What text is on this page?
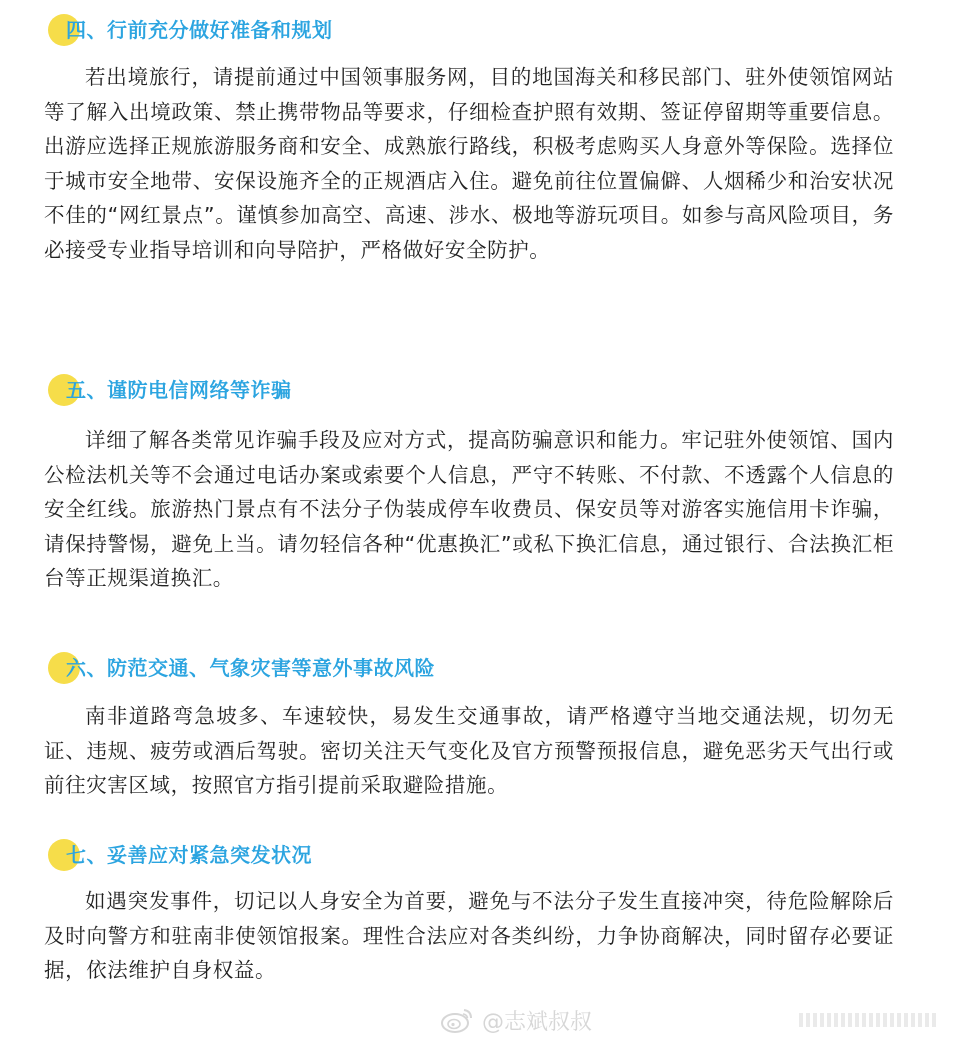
四、行前充分做好准备和规划
若出境旅行，请提前通过中国领事服务网，目的地国海关和移民部门、驻外使领馆网站等了解入出境政策、禁止携带物品等要求，仔细检查护照有效期、签证停留期等重要信息。出游应选择正规旅游服务商和安全、成熟旅行路线，积极考虑购买人身意外等保险。选择位于城市安全地带、安保设施齐全的正规酒店入住。避免前往位置偏僻、人烟稀少和治安状况不佳的“网红景点”。谨慎参加高空、高速、涉水、极地等游玩项目。如参与高风险项目，务必接受专业指导培训和向导陪护，严格做好安全防护。
五、谨防电信网络等诈骗
详细了解各类常见诈骗手段及应对方式，提高防骗意识和能力。牢记驻外使领馆、国内公检法机关等不会通过电话办案或索要个人信息，严守不转账、不付款、不透露个人信息的安全红线。旅游热门景点有不法分子伪装成停车收费员、保安员等对游客实施信用卡诈骗，请保持警惕，避免上当。请勿轻信各种“优惠换汇”或私下换汇信息，通过银行、合法换汇柜台等正规渠道换汇。
六、防范交通、气象灾害等意外事故风险
南非道路弯急坡多、车速较快，易发生交通事故，请严格遵守当地交通法规，切勿无证、违规、疲劳或酒后驾驶。密切关注天气变化及官方预警预报信息，避免恶劣天气出行或前往灾害区域，按照官方指引提前采取避险措施。
七、妥善应对紧急突发状况
如遇突发事件，切记以人身安全为首要，避免与不法分子发生直接冲突，待危险解除后及时向警方和驻南非使领馆报案。理性合法应对各类纠纷，力争协商解决，同时留存必要证据，依法维护自身权益。
@志斌叔叔
